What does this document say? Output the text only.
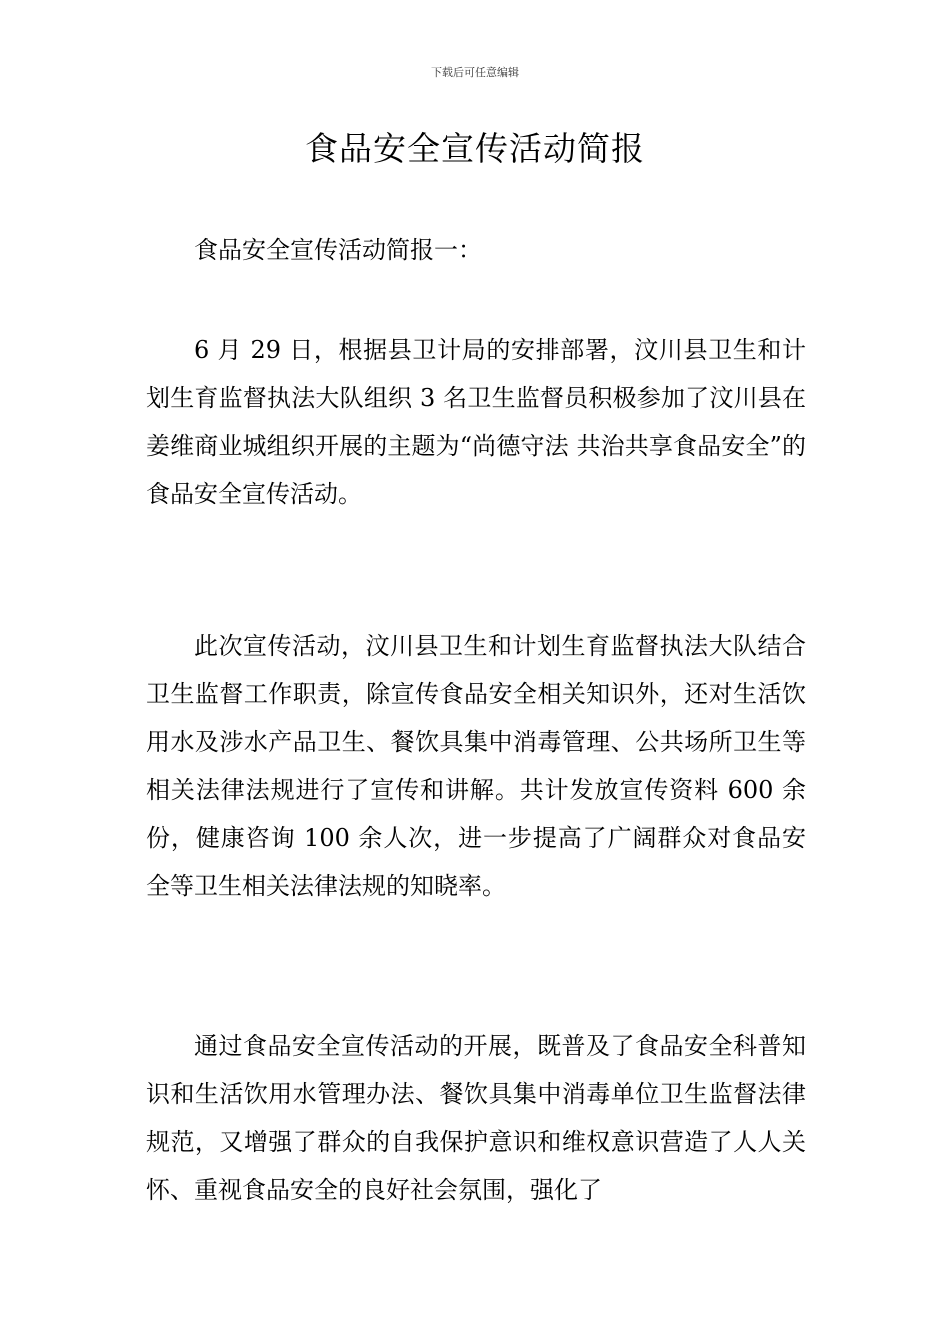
下载后可任意编辑
食品安全宣传活动简报

食品安全宣传活动简报一：

6 月 29 日，根据县卫计局的安排部署，汶川县卫生和计划生育监督执法大队组织 3 名卫生监督员积极参加了汶川县在姜维商业城组织开展的主题为“尚德守法 共治共享食品安全”的食品安全宣传活动。

此次宣传活动，汶川县卫生和计划生育监督执法大队结合卫生监督工作职责，除宣传食品安全相关知识外，还对生活饮用水及涉水产品卫生、餐饮具集中消毒管理、公共场所卫生等相关法律法规进行了宣传和讲解。共计发放宣传资料 600 余份，健康咨询 100 余人次，进一步提高了广阔群众对食品安全等卫生相关法律法规的知晓率。

通过食品安全宣传活动的开展，既普及了食品安全科普知识和生活饮用水管理办法、餐饮具集中消毒单位卫生监督法律规范，又增强了群众的自我保护意识和维权意识营造了人人关怀、重视食品安全的良好社会氛围，强化了
